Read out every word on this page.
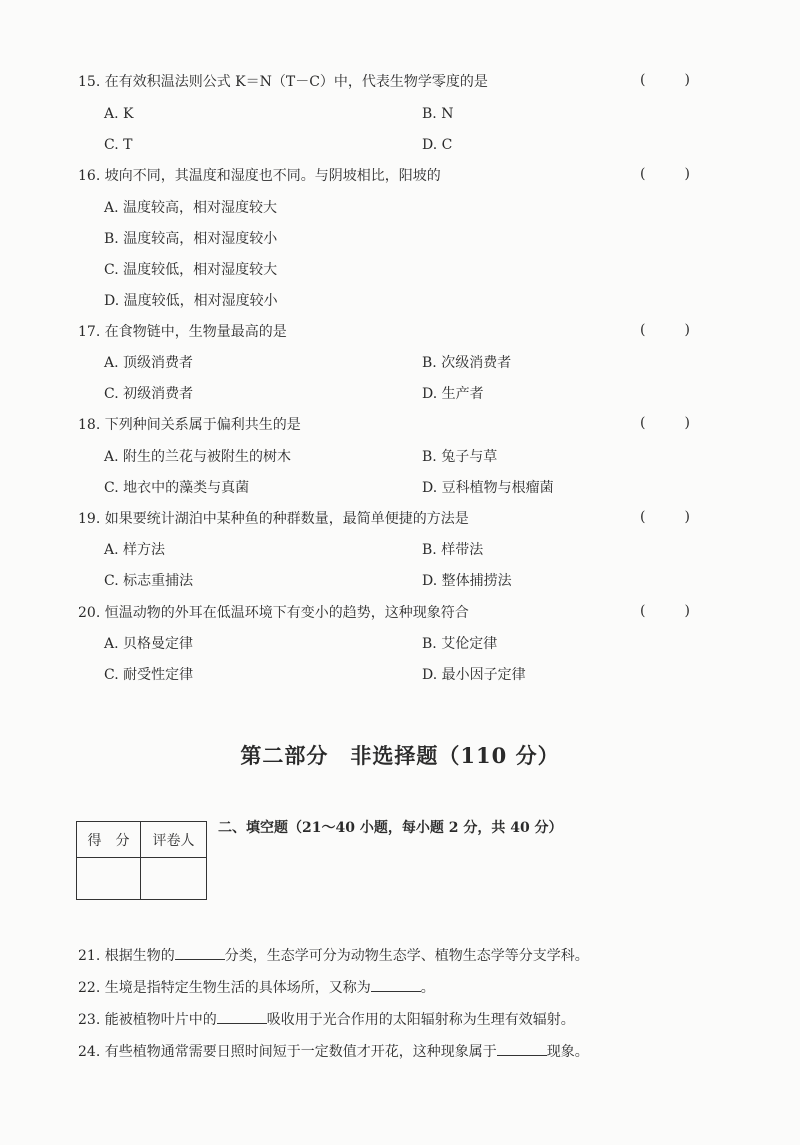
15. 在有效积温法则公式 K＝N（T－C）中，代表生物学零度的是	(	)
A. K	B. N
C. T	D. C
16. 坡向不同，其温度和湿度也不同。与阴坡相比，阳坡的	(	)
A. 温度较高，相对湿度较大
B. 温度较高，相对湿度较小
C. 温度较低，相对湿度较大
D. 温度较低，相对湿度较小
17. 在食物链中，生物量最高的是	(	)
A. 顶级消费者	B. 次级消费者
C. 初级消费者	D. 生产者
18. 下列种间关系属于偏利共生的是	(	)
A. 附生的兰花与被附生的树木	B. 兔子与草
C. 地衣中的藻类与真菌	D. 豆科植物与根瘤菌
19. 如果要统计湖泊中某种鱼的种群数量，最简单便捷的方法是	(	)
A. 样方法	B. 样带法
C. 标志重捕法	D. 整体捕捞法
20. 恒温动物的外耳在低温环境下有变小的趋势，这种现象符合	(	)
A. 贝格曼定律	B. 艾伦定律
C. 耐受性定律	D. 最小因子定律
第二部分　非选择题（110 分）
得　分	评卷人

二、填空题（21～40 小题，每小题 2 分，共 40 分）
21. 根据生物的	分类，生态学可分为动物生态学、植物生态学等分支学科。
22. 生境是指特定生物生活的具体场所，又称为	。
23. 能被植物叶片中的	吸收用于光合作用的太阳辐射称为生理有效辐射。
24. 有些植物通常需要日照时间短于一定数值才开花，这种现象属于	现象。
